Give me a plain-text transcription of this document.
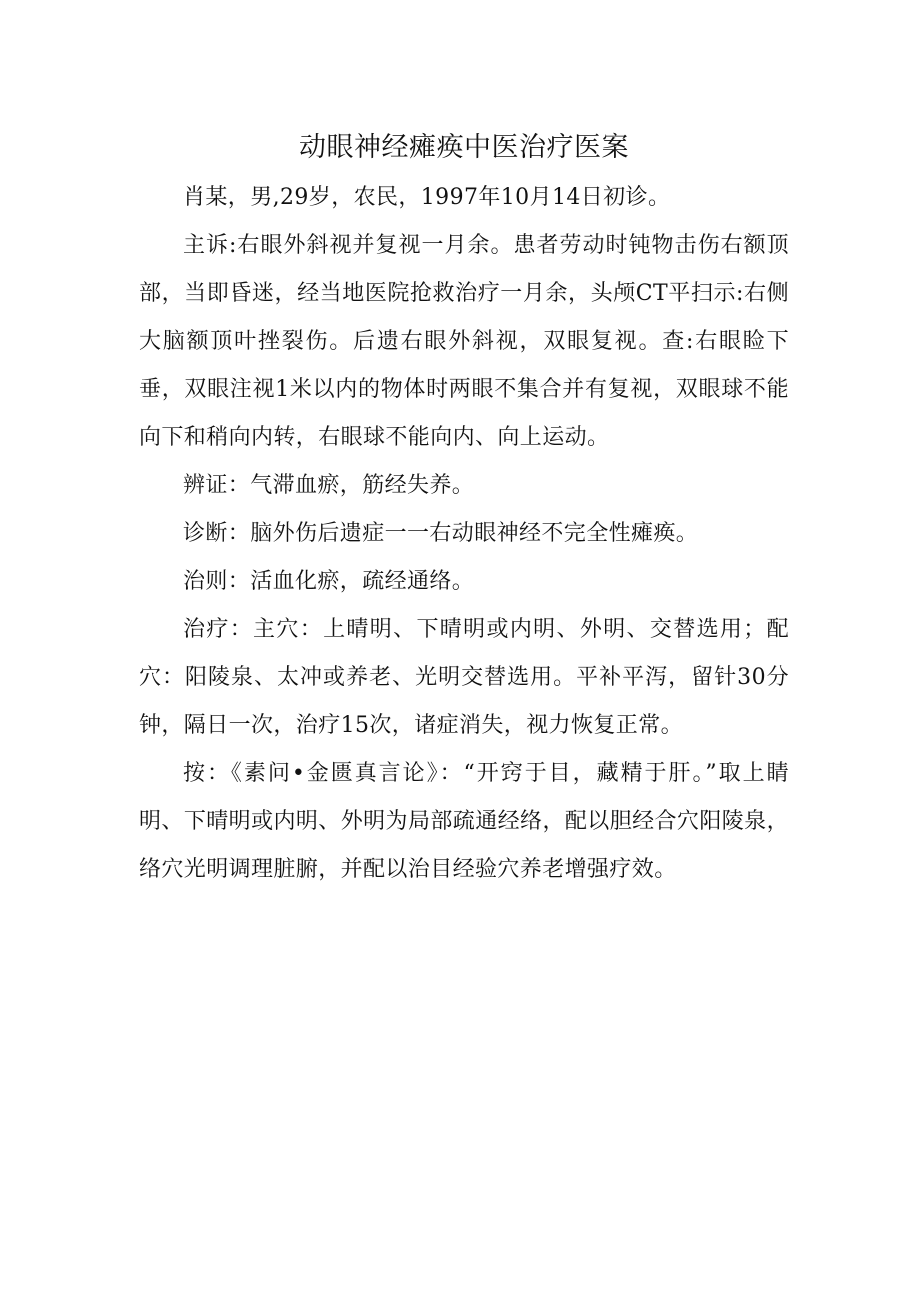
动眼神经瘫痪中医治疗医案

肖某，男,29岁，农民，1997年10月14日初诊。

主诉:右眼外斜视并复视一月余。患者劳动时钝物击伤右额顶部，当即昏迷，经当地医院抢救治疗一月余，头颅CT平扫示:右侧大脑额顶叶挫裂伤。后遗右眼外斜视，双眼复视。查:右眼睑下垂，双眼注视1米以内的物体时两眼不集合并有复视，双眼球不能向下和稍向内转，右眼球不能向内、向上运动。

辨证：气滞血瘀，筋经失养。

诊断：脑外伤后遗症一一右动眼神经不完全性瘫痪。

治则：活血化瘀，疏经通络。

治疗：主穴：上晴明、下晴明或内明、外明、交替选用；配穴：阳陵泉、太冲或养老、光明交替选用。平补平泻，留针30分钟，隔日一次，治疗15次，诸症消失，视力恢复正常。

按：《素问•金匮真言论》：“开窍于目，藏精于肝。”取上睛明、下晴明或内明、外明为局部疏通经络，配以胆经合穴阳陵泉，络穴光明调理脏腑，并配以治目经验穴养老增强疗效。
